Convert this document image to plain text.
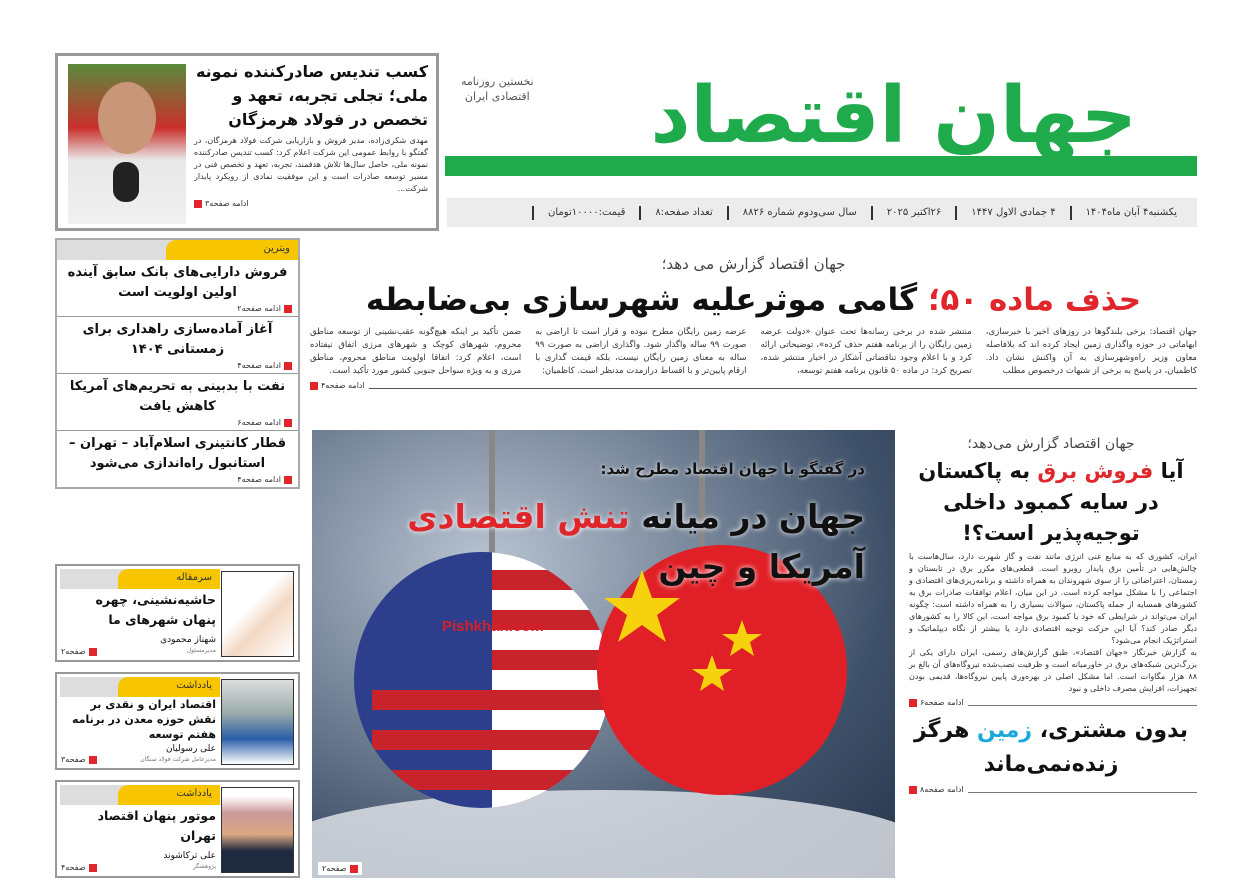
کسب تندیس صادرکننده نمونه ملی؛ تجلی تجربه، تعهد و تخصص در فولاد هرمزگان
مهدی شکری‌زاده، مدیر فروش و بازاریابی شرکت فولاد هرمزگان، در گفتگو با روابط عمومی این شرکت اعلام کرد: کسب تندیس صادرکننده نمونه ملی، حاصل سال‌ها تلاش هدفمند، تجربه، تعهد و تخصص فنی در مسیر توسعه صادرات است و این موفقیت نمادی از رویکرد پایدار شرکت...
ادامه صفحه۳
جهان اقتصاد
نخستین روزنامه
اقتصادی ایران
یکشنبه۴ آبان ماه۱۴۰۴
۴ جمادی الاول ۱۴۴۷
۲۶اکتبر ۲۰۲۵
سال سی‌ودوم شماره ۸۸۲۶
تعداد صفحه:۸
قیمت:۱۰۰۰۰تومان
جهان اقتصاد گزارش می دهد؛
حذف ماده ۵۰؛ گامی موثرعلیه شهرسازی بی‌ضابطه
جهان اقتصاد: برخی بلندگوها در روزهای اخیر با خبرسازی، ابهاماتی در حوزه واگذاری زمین ایجاد کرده اند که بلافاصله معاون وزیر راه‌وشهرسازی به آن واکنش نشان داد. کاظمیان، در پاسخ به برخی از شبهات درخصوص مطلب
منتشر شده در برخی رسانه‌ها تحت عنوان «دولت عرضه زمین رایگان را از برنامه هفتم حذف کرده»، توضیحاتی ارائه کرد و با اعلام وجود تناقضاتی آشکار در اخبار منتشر شده، تصریح کرد: در ماده ۵۰ قانون برنامه هفتم توسعه،
عرضه زمین رایگان مطرح نبوده و قرار است تا اراضی به صورت ۹۹ ساله واگذار شود. واگذاری اراضی به صورت ۹۹ ساله به معنای زمین رایگان نیست، بلکه قیمت گذاری با ارقام پایین‌تر و با اقساط درازمدت مدنظر است. کاظمیان:
ضمن تأکید بر اینکه هیچ‌گونه عقب‌نشینی از توسعه مناطق محروم، شهرهای کوچک و شهرهای مرزی اتفاق نیفتاده است، اعلام کرد: اتفاقا اولویت مناطق محروم، مناطق مرزی و به ویژه سواحل جنوبی کشور مورد تأکید است.
ادامه صفحه۴
ویترین
فروش دارایی‌های بانک سابق آینده اولین اولویت است
ادامه صفحه۲
آغاز آماده‌سازی راهداری برای زمستانی ۱۴۰۴
ادامه صفحه۴
نفت با بدبینی به تحریم‌های آمریکا کاهش یافت
ادامه صفحه۶
قطار کانتینری اسلام‌آباد – تهران – استانبول راه‌اندازی می‌شود
ادامه صفحه۴
سرمقاله
حاشیه‌نشینی، چهره پنهان شهرهای ما
شهناز محمودی
مدیرمسئول
صفحه۲
یادداشت
اقتصاد ایران و نقدی بر نقش حوزه معدن در برنامه هفتم توسعه
علی رسولیان
مدیرعامل شرکت فولاد سنگان
صفحه۳
یادداشت
موتور پنهان اقتصاد تهران
علی ترکاشوند
پژوهشگر
صفحه۴
در گفتگو با جهان اقتصاد مطرح شد:
جهان در میانه تنش اقتصادی
آمریکا و چین
Pishkhan.com
صفحه۲
جهان اقتصاد گزارش می‌دهد؛
آیا فروش برق به پاکستان در سایه کمبود داخلی توجیه‌پذیر است؟!

ایران، کشوری که به منابع غنی انرژی مانند نفت و گاز شهرت دارد، سال‌هاست با چالش‌هایی در تأمین برق پایدار روبرو است. قطعی‌های مکرر برق در تابستان و زمستان، اعتراضاتی را از سوی شهروندان به همراه داشته و برنامه‌ریزی‌های اقتصادی و اجتماعی را با مشکل مواجه کرده است. در این میان، اعلام توافقات صادرات برق به کشورهای همسایه از جمله پاکستان، سوالات بسیاری را به همراه داشته است: چگونه ایران می‌تواند در شرایطی که خود با کمبود برق مواجه است، این کالا را به کشورهای دیگر صادر کند؟ آیا این حرکت توجیه اقتصادی دارد یا بیشتر از نگاه دیپلماتیک و استراتژیک انجام می‌شود؟

به گزارش خبرنگار «جهان اقتصاد»، طبق گزارش‌های رسمی، ایران دارای یکی از بزرگ‌ترین شبکه‌های برق در خاورمیانه است و ظرفیت نصب‌شده نیروگاه‌های آن بالغ بر ۸۸ هزار مگاوات است. اما مشکل اصلی در بهره‌وری پایین نیروگاه‌ها، قدیمی بودن تجهیزات، افزایش مصرف داخلی و نبود

ادامه صفحه۶
بدون مشتری، زمین هرگز زنده‌نمی‌ماند
ادامه صفحه۸
